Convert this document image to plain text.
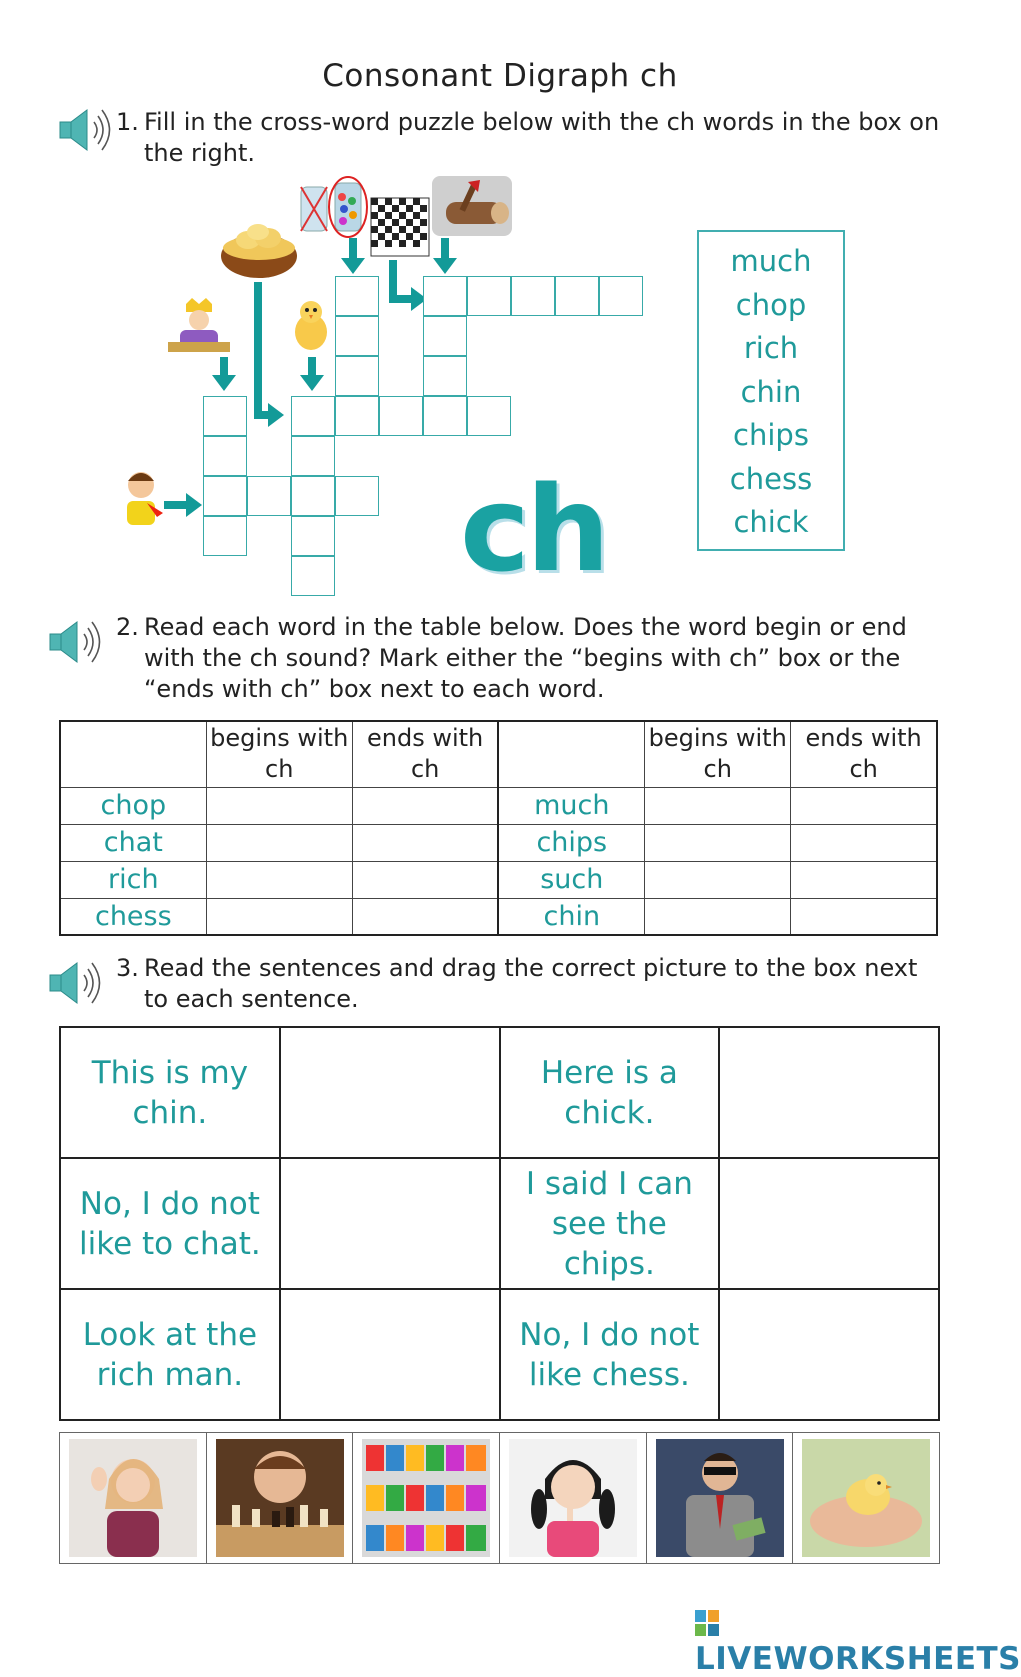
Consonant Digraph ch
1. Fill in the cross-word puzzle below with the ch words in the box on the right.
ch
much
chop
rich
chin
chips
chess
chick
2. Read each word in the table below. Does the word begin or end with the ch sound? Mark either the “begins with ch” box or the “ends with ch” box next to each word.
	begins with ch	ends with ch		begins with ch	ends with ch
chop			much		
chat			chips		
rich			such		
chess			chin		
3. Read the sentences and drag the correct picture to the box next to each sentence.
This is my chin.		Here is a chick.	
No, I do not like to chat.		I said I can see the chips.	
Look at the rich man.		No, I do not like chess.	
LIVEWORKSHEETS
